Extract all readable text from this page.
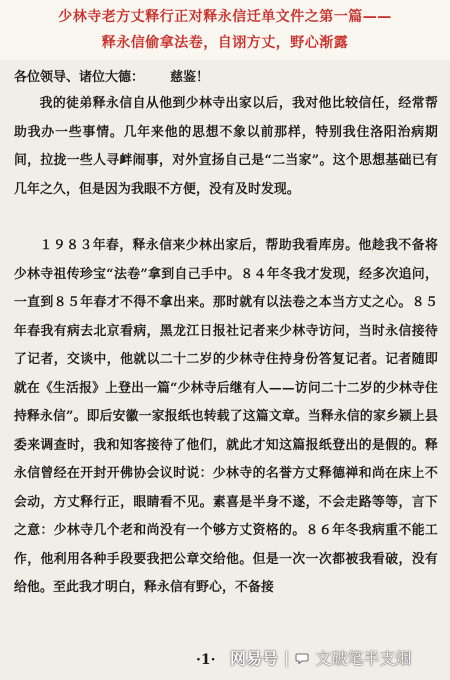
少林寺老方丈释行正对释永信迁单文件之第一篇——
释永信偷拿法卷，自诩方丈，野心渐露
各位领导、诸位大德： 慈鉴！
我的徒弟释永信自从他到少林寺出家以后，我对他比较信任，经常帮助我办一些事情。几年来他的思想不象以前那样，特别我住洛阳治病期间，拉拢一些人寻衅闹事，对外宣扬自己是“二当家”。这个思想基础已有几年之久，但是因为我眼不方便，没有及时发现。
１９８３年春，释永信来少林出家后，帮助我看库房。他趁我不备将少林寺祖传珍宝“法卷”拿到自己手中。８４年冬我才发现，经多次追问，一直到８５年春才不得不拿出来。那时就有以法卷之本当方丈之心。８５年春我有病去北京看病，黑龙江日报社记者来少林寺访问，当时永信接待了记者，交谈中，他就以二十二岁的少林寺住持身份答复记者。记者随即就在《生活报》上登出一篇“少林寺后继有人——访问二十二岁的少林寺住持释永信”。即后安徽一家报纸也转载了这篇文章。当释永信的家乡颍上县委来调查时，我和知客接待了他们，就此才知这篇报纸登出的是假的。释永信曾经在开封开佛协会议时说：少林寺的名誉方丈释德禅和尚在床上不会动，方丈释行正，眼睛看不见。素喜是半身不遂，不会走路等等，言下之意：少林寺几个老和尚没有一个够方丈资格的。８６年冬我病重不能工作，他利用各种手段要我把公章交给他。但是一次一次都被我看破，没有给他。至此我才明白，释永信有野心，不备接
·1· 网易号 | 文破笔半支烟
